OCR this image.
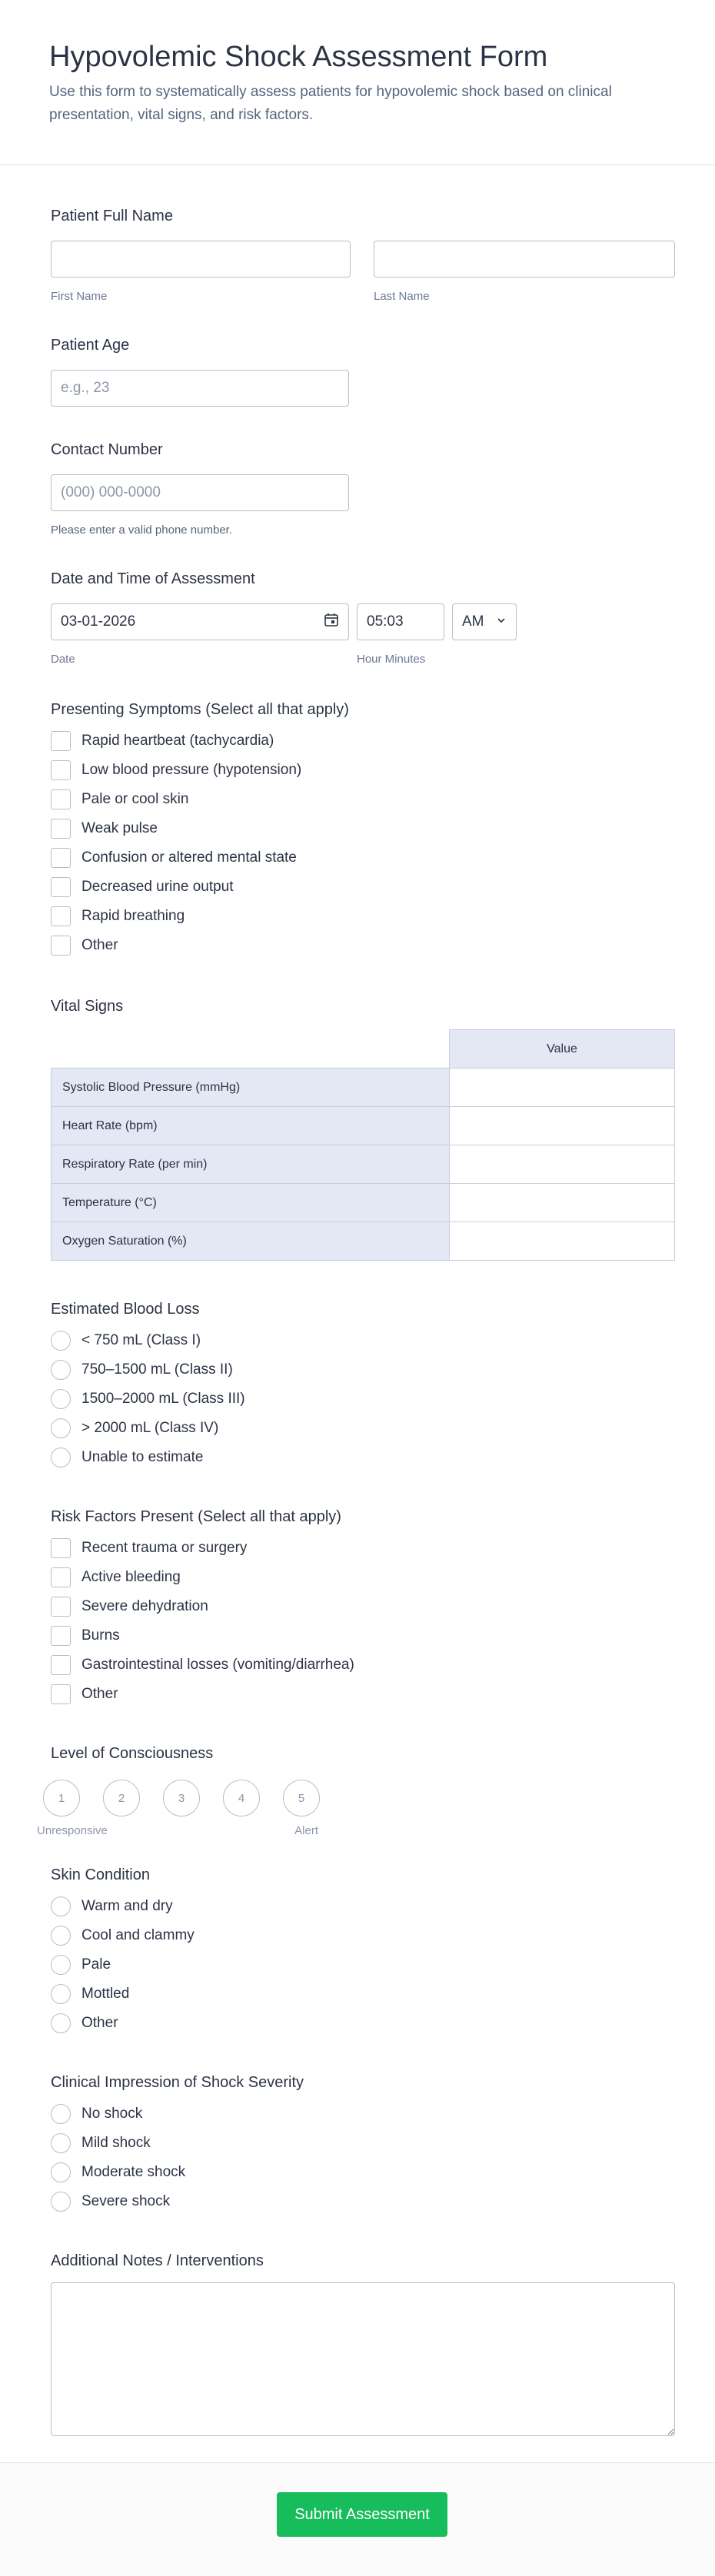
Hypovolemic Shock Assessment Form

Use this form to systematically assess patients for hypovolemic shock based on clinical presentation, vital signs, and risk factors.

Patient Full Name
First Name	Last Name
Patient Age
e.g., 23
Contact Number
(000) 000-0000
Please enter a valid phone number.
Date and Time of Assessment
03-01-2026
Date
05:03
Hour Minutes
AM
Presenting Symptoms (Select all that apply)
Rapid heartbeat (tachycardia)
Low blood pressure (hypotension)
Pale or cool skin
Weak pulse
Confusion or altered mental state
Decreased urine output
Rapid breathing
Other
Vital Signs
	Value
Systolic Blood Pressure (mmHg)	
Heart Rate (bpm)	
Respiratory Rate (per min)	
Temperature (°C)	
Oxygen Saturation (%)	
Estimated Blood Loss
< 750 mL (Class I)
750–1500 mL (Class II)
1500–2000 mL (Class III)
> 2000 mL (Class IV)
Unable to estimate
Risk Factors Present (Select all that apply)
Recent trauma or surgery
Active bleeding
Severe dehydration
Burns
Gastrointestinal losses (vomiting/diarrhea)
Other
Level of Consciousness
1	2	3	4	5
Unresponsive	Alert
Skin Condition
Warm and dry
Cool and clammy
Pale
Mottled
Other
Clinical Impression of Shock Severity
No shock
Mild shock
Moderate shock
Severe shock
Additional Notes / Interventions
Submit Assessment
